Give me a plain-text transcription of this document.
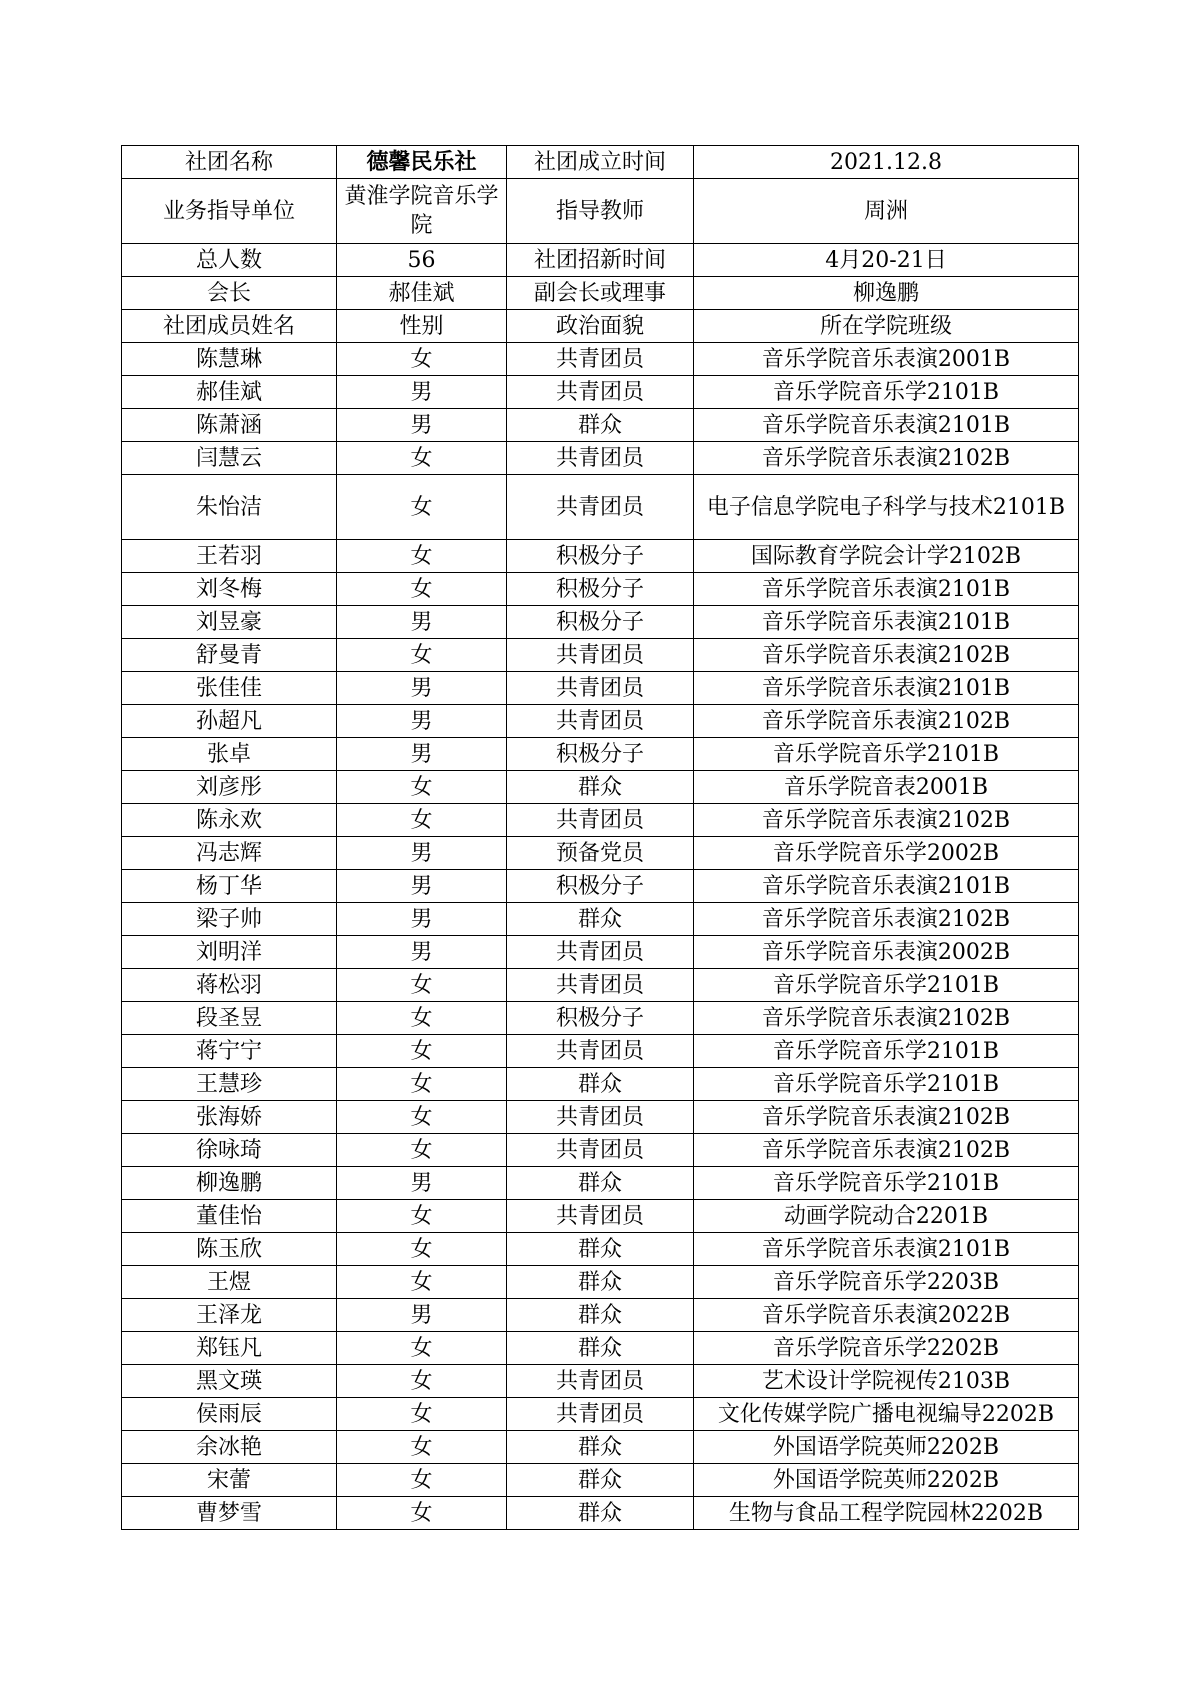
社团名称	德馨民乐社	社团成立时间	2021.12.8
业务指导单位	黄淮学院音乐学院	指导教师	周洲
总人数	56	社团招新时间	4月20-21日
会长	郝佳斌	副会长或理事	柳逸鹏
社团成员姓名	性别	政治面貌	所在学院班级
陈慧琳	女	共青团员	音乐学院音乐表演2001B
郝佳斌	男	共青团员	音乐学院音乐学2101B
陈萧涵	男	群众	音乐学院音乐表演2101B
闫慧云	女	共青团员	音乐学院音乐表演2102B
朱怡洁	女	共青团员	电子信息学院电子科学与技术2101B
王若羽	女	积极分子	国际教育学院会计学2102B
刘冬梅	女	积极分子	音乐学院音乐表演2101B
刘昱豪	男	积极分子	音乐学院音乐表演2101B
舒曼青	女	共青团员	音乐学院音乐表演2102B
张佳佳	男	共青团员	音乐学院音乐表演2101B
孙超凡	男	共青团员	音乐学院音乐表演2102B
张卓	男	积极分子	音乐学院音乐学2101B
刘彦彤	女	群众	音乐学院音表2001B
陈永欢	女	共青团员	音乐学院音乐表演2102B
冯志辉	男	预备党员	音乐学院音乐学2002B
杨丁华	男	积极分子	音乐学院音乐表演2101B
梁子帅	男	群众	音乐学院音乐表演2102B
刘明洋	男	共青团员	音乐学院音乐表演2002B
蒋松羽	女	共青团员	音乐学院音乐学2101B
段圣昱	女	积极分子	音乐学院音乐表演2102B
蒋宁宁	女	共青团员	音乐学院音乐学2101B
王慧珍	女	群众	音乐学院音乐学2101B
张海娇	女	共青团员	音乐学院音乐表演2102B
徐咏琦	女	共青团员	音乐学院音乐表演2102B
柳逸鹏	男	群众	音乐学院音乐学2101B
董佳怡	女	共青团员	动画学院动合2201B
陈玉欣	女	群众	音乐学院音乐表演2101B
王煜	女	群众	音乐学院音乐学2203B
王泽龙	男	群众	音乐学院音乐表演2022B
郑钰凡	女	群众	音乐学院音乐学2202B
黑文瑛	女	共青团员	艺术设计学院视传2103B
侯雨辰	女	共青团员	文化传媒学院广播电视编导2202B
余冰艳	女	群众	外国语学院英师2202B
宋蕾	女	群众	外国语学院英师2202B
曹梦雪	女	群众	生物与食品工程学院园林2202B
